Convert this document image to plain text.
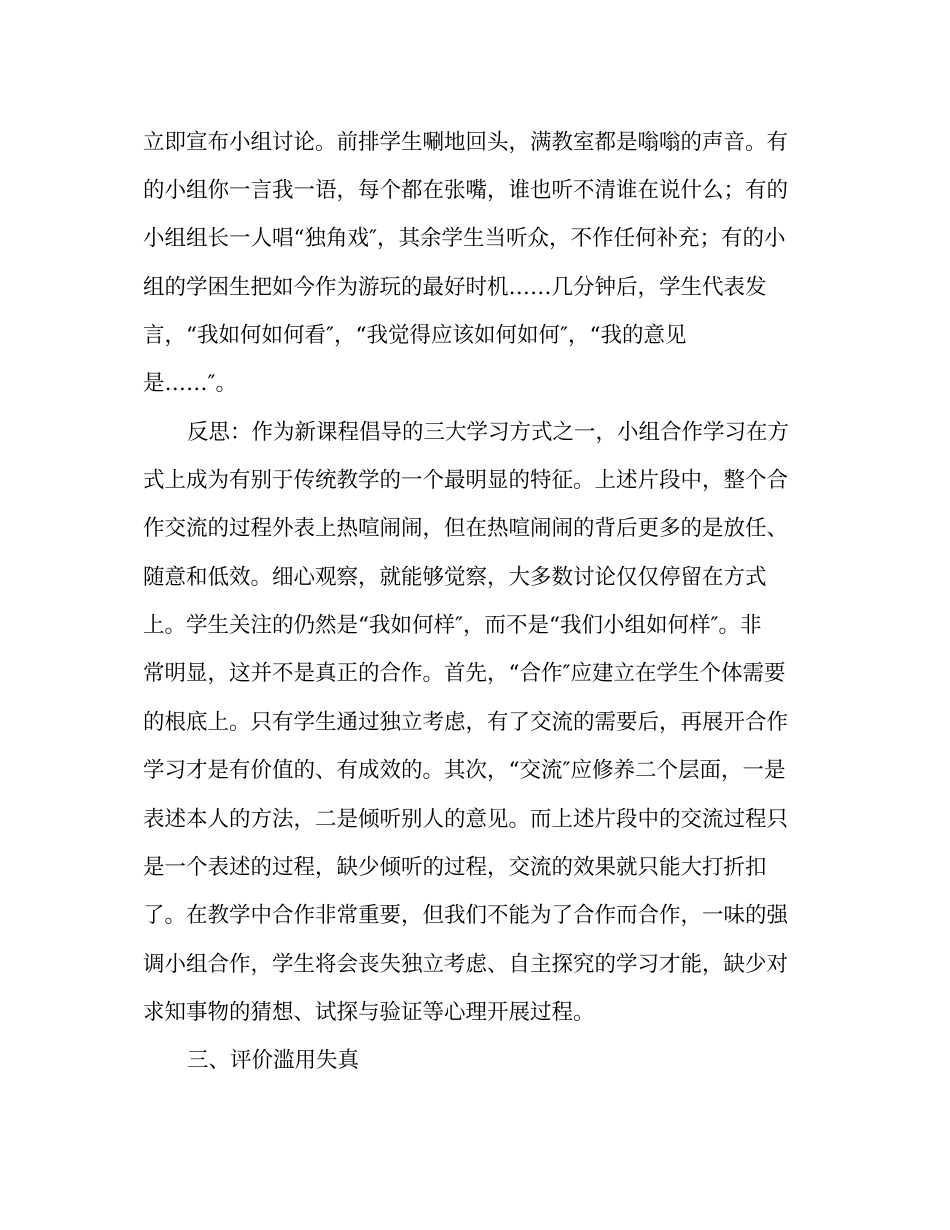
立即宣布小组讨论。前排学生唰地回头，满教室都是嗡嗡的声音。有
的小组你一言我一语，每个都在张嘴，谁也听不清谁在说什么；有的
小组组长一人唱“独角戏″，其余学生当听众，不作任何补充；有的小
组的学困生把如今作为游玩的最好时机……几分钟后，学生代表发
言，“我如何如何看″，“我觉得应该如何如何″，“我的意见
是……″。
反思：作为新课程倡导的三大学习方式之一，小组合作学习在方
式上成为有别于传统教学的一个最明显的特征。上述片段中，整个合
作交流的过程外表上热喧闹闹，但在热喧闹闹的背后更多的是放任、
随意和低效。细心观察，就能够觉察，大多数讨论仅仅停留在方式
上。学生关注的仍然是“我如何样″，而不是“我们小组如何样″。非
常明显，这并不是真正的合作。首先，“合作″应建立在学生个体需要
的根底上。只有学生通过独立考虑，有了交流的需要后，再展开合作
学习才是有价值的、有成效的。其次，“交流″应修养二个层面，一是
表述本人的方法，二是倾听别人的意见。而上述片段中的交流过程只
是一个表述的过程，缺少倾听的过程，交流的效果就只能大打折扣
了。在教学中合作非常重要，但我们不能为了合作而合作，一味的强
调小组合作，学生将会丧失独立考虑、自主探究的学习才能，缺少对
求知事物的猜想、试探与验证等心理开展过程。
三、评价滥用失真
